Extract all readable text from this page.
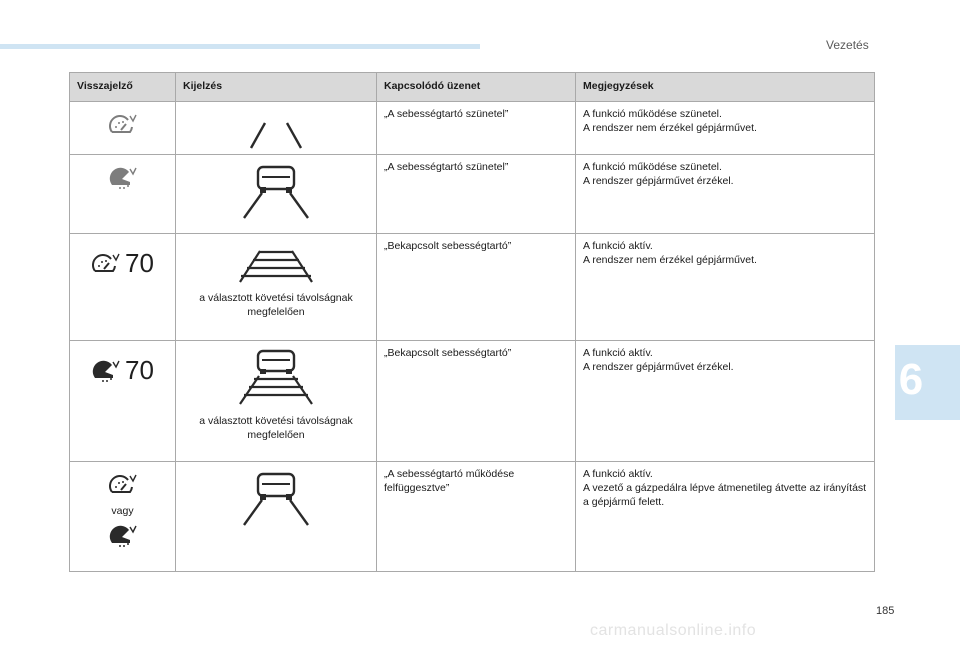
Vezetés
6
Visszajelző	Kijelzés	Kapcsolódó üzenet	Megjegyzések
		„A sebességtartó szünetel”	A funkció működése szünetel.
A rendszer nem érzékel gépjárművet.

		„A sebességtartó szünetel”	A funkció működése szünetel.
A rendszer gépjárművet érzékel.

70	a választott követési távolságnak megfelelően	„Bekapcsolt sebességtartó”	A funkció aktív.
A rendszer nem érzékel gépjárművet.

70	a választott követési távolságnak megfelelően	„Bekapcsolt sebességtartó”	A funkció aktív.
A rendszer gépjárművet érzékel.

vagy		„A sebességtartó működése felfüggesztve”	A funkció aktív.
A vezető a gázpedálra lépve átmenetileg átvette az irányítást a gépjármű felett.
185
carmanualsonline.info
